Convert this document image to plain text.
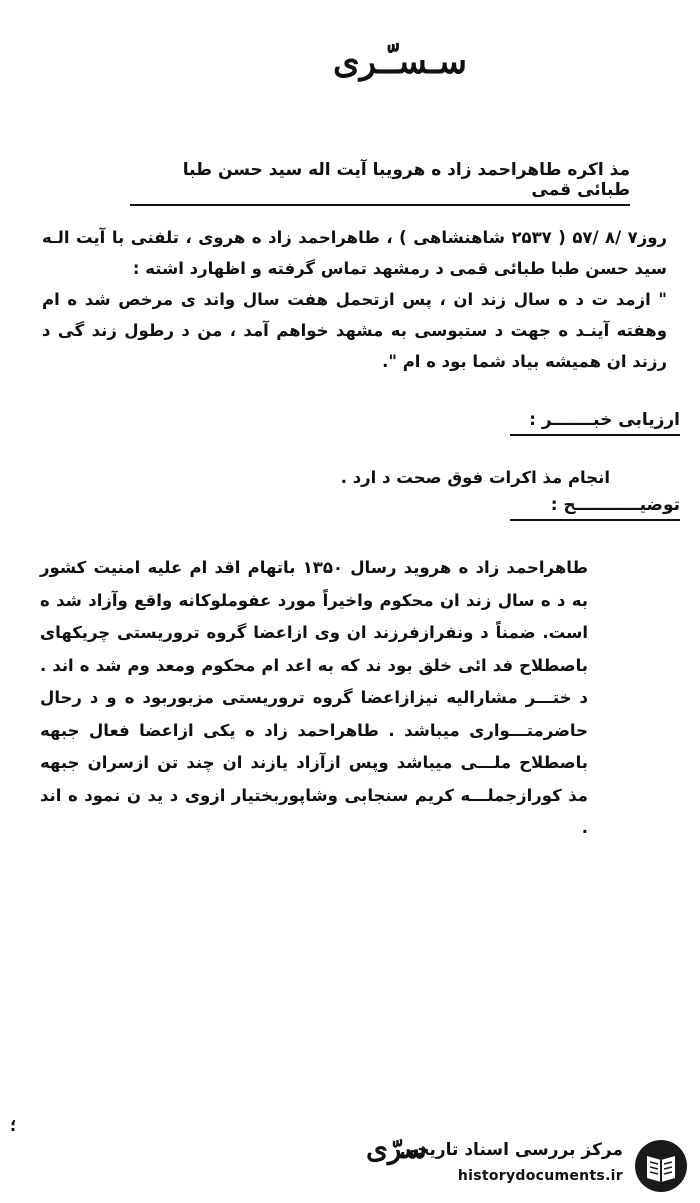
سـسـّـری
مذ اکره طاهراحمد زاد ه هرویبا آیت اله سید حسن طبا طبائی قمی
روز۷ /۸ /۵۷ ( ۲۵۳۷ شاهنشاهی ) ، طاهراحمد زاد ه هروی ، تلفنی با آیت الـه سید حسن طبا طبائی قمی د رمشهد تماس گرفته و اظهارد اشته :
" ازمد ت د ه سال زند ان ، پس ازتحمل هفت سال واند ی مرخص شد ه ام وهفته آینـد ه جهت د ستبوسی به مشهد خواهم آمد ، من د رطول زند گی د رزند ان همیشه بیاد شما بود ه ام ".
ارزیابی خبـــــــر :
انجام مذ اکرات فوق صحت د ارد .
توضیـــــــــــح :
طاهراحمد زاد ه هروید رسال ۱۳۵۰ باتهام اقد ام علیه امنیت کشور به د ه سال زند ان محکوم واخیراً مورد عفوملوکانه واقع وآزاد شد ه است. ضمناً د ونفرازفرزند ان وی ازاعضا گروه تروریستی چریکهای باصطلاح فد ائی خلق بود ند که به اعد ام محکوم ومعد وم شد ه اند . د ختـــر مشارالیه نیزازاعضا گروه تروریستی مزبوربود ه و د رحال حاضرمتـــواری میباشد . طاهراحمد زاد ه یکی ازاعضا فعال جبهه باصطلاح ملـــی میباشد وپس ازآزاد یازند ان چند تن ازسران جبهه مذ کورازجملـــه کریم سنجابی وشاپوربختیار ازوی د ید ن نمود ه اند .
؛
سرّی
مرکز بررسی اسناد تاریخی
historydocuments.ir
